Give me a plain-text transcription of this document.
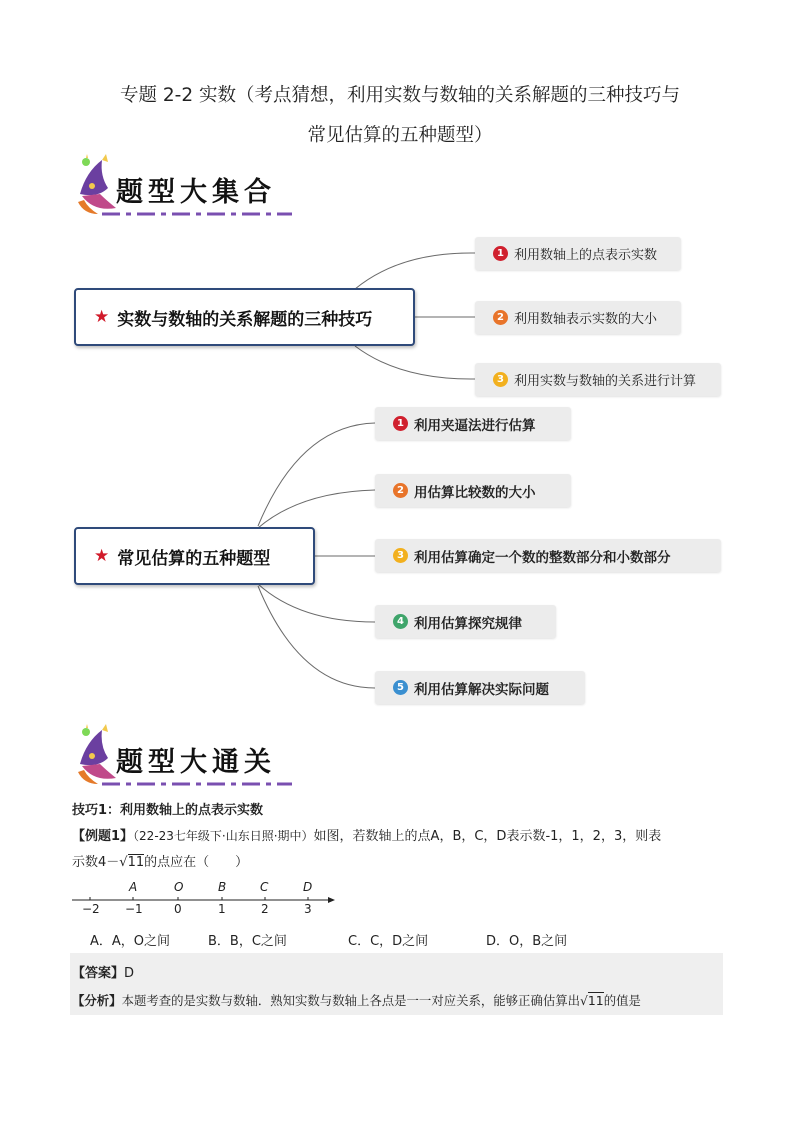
专题 2-2 实数（考点猜想，利用实数与数轴的关系解题的三种技巧与
常见估算的五种题型）
题型大集合
★ 实数与数轴的关系解题的三种技巧
1 利用数轴上的点表示实数
2 利用数轴表示实数的大小
3 利用实数与数轴的关系进行计算
★ 常见估算的五种题型
1 利用夹逼法进行估算
2 用估算比较数的大小
3 利用估算确定一个数的整数部分和小数部分
4 利用估算探究规律
5 利用估算解决实际问题
题型大通关
技巧1：利用数轴上的点表示实数
【例题1】（22-23七年级下·山东日照·期中）如图，若数轴上的点A，B，C，D表示数-1，1，2，3，则表
示数4－√11的点应在（　　）
A	O	B	C	D
−2 −1	0	1	2	3
A．A，O之间	B．B，C之间	C．C，D之间	D．O，B之间
【答案】D
【分析】本题考查的是实数与数轴．熟知实数与数轴上各点是一一对应关系，能够正确估算出√11的值是
